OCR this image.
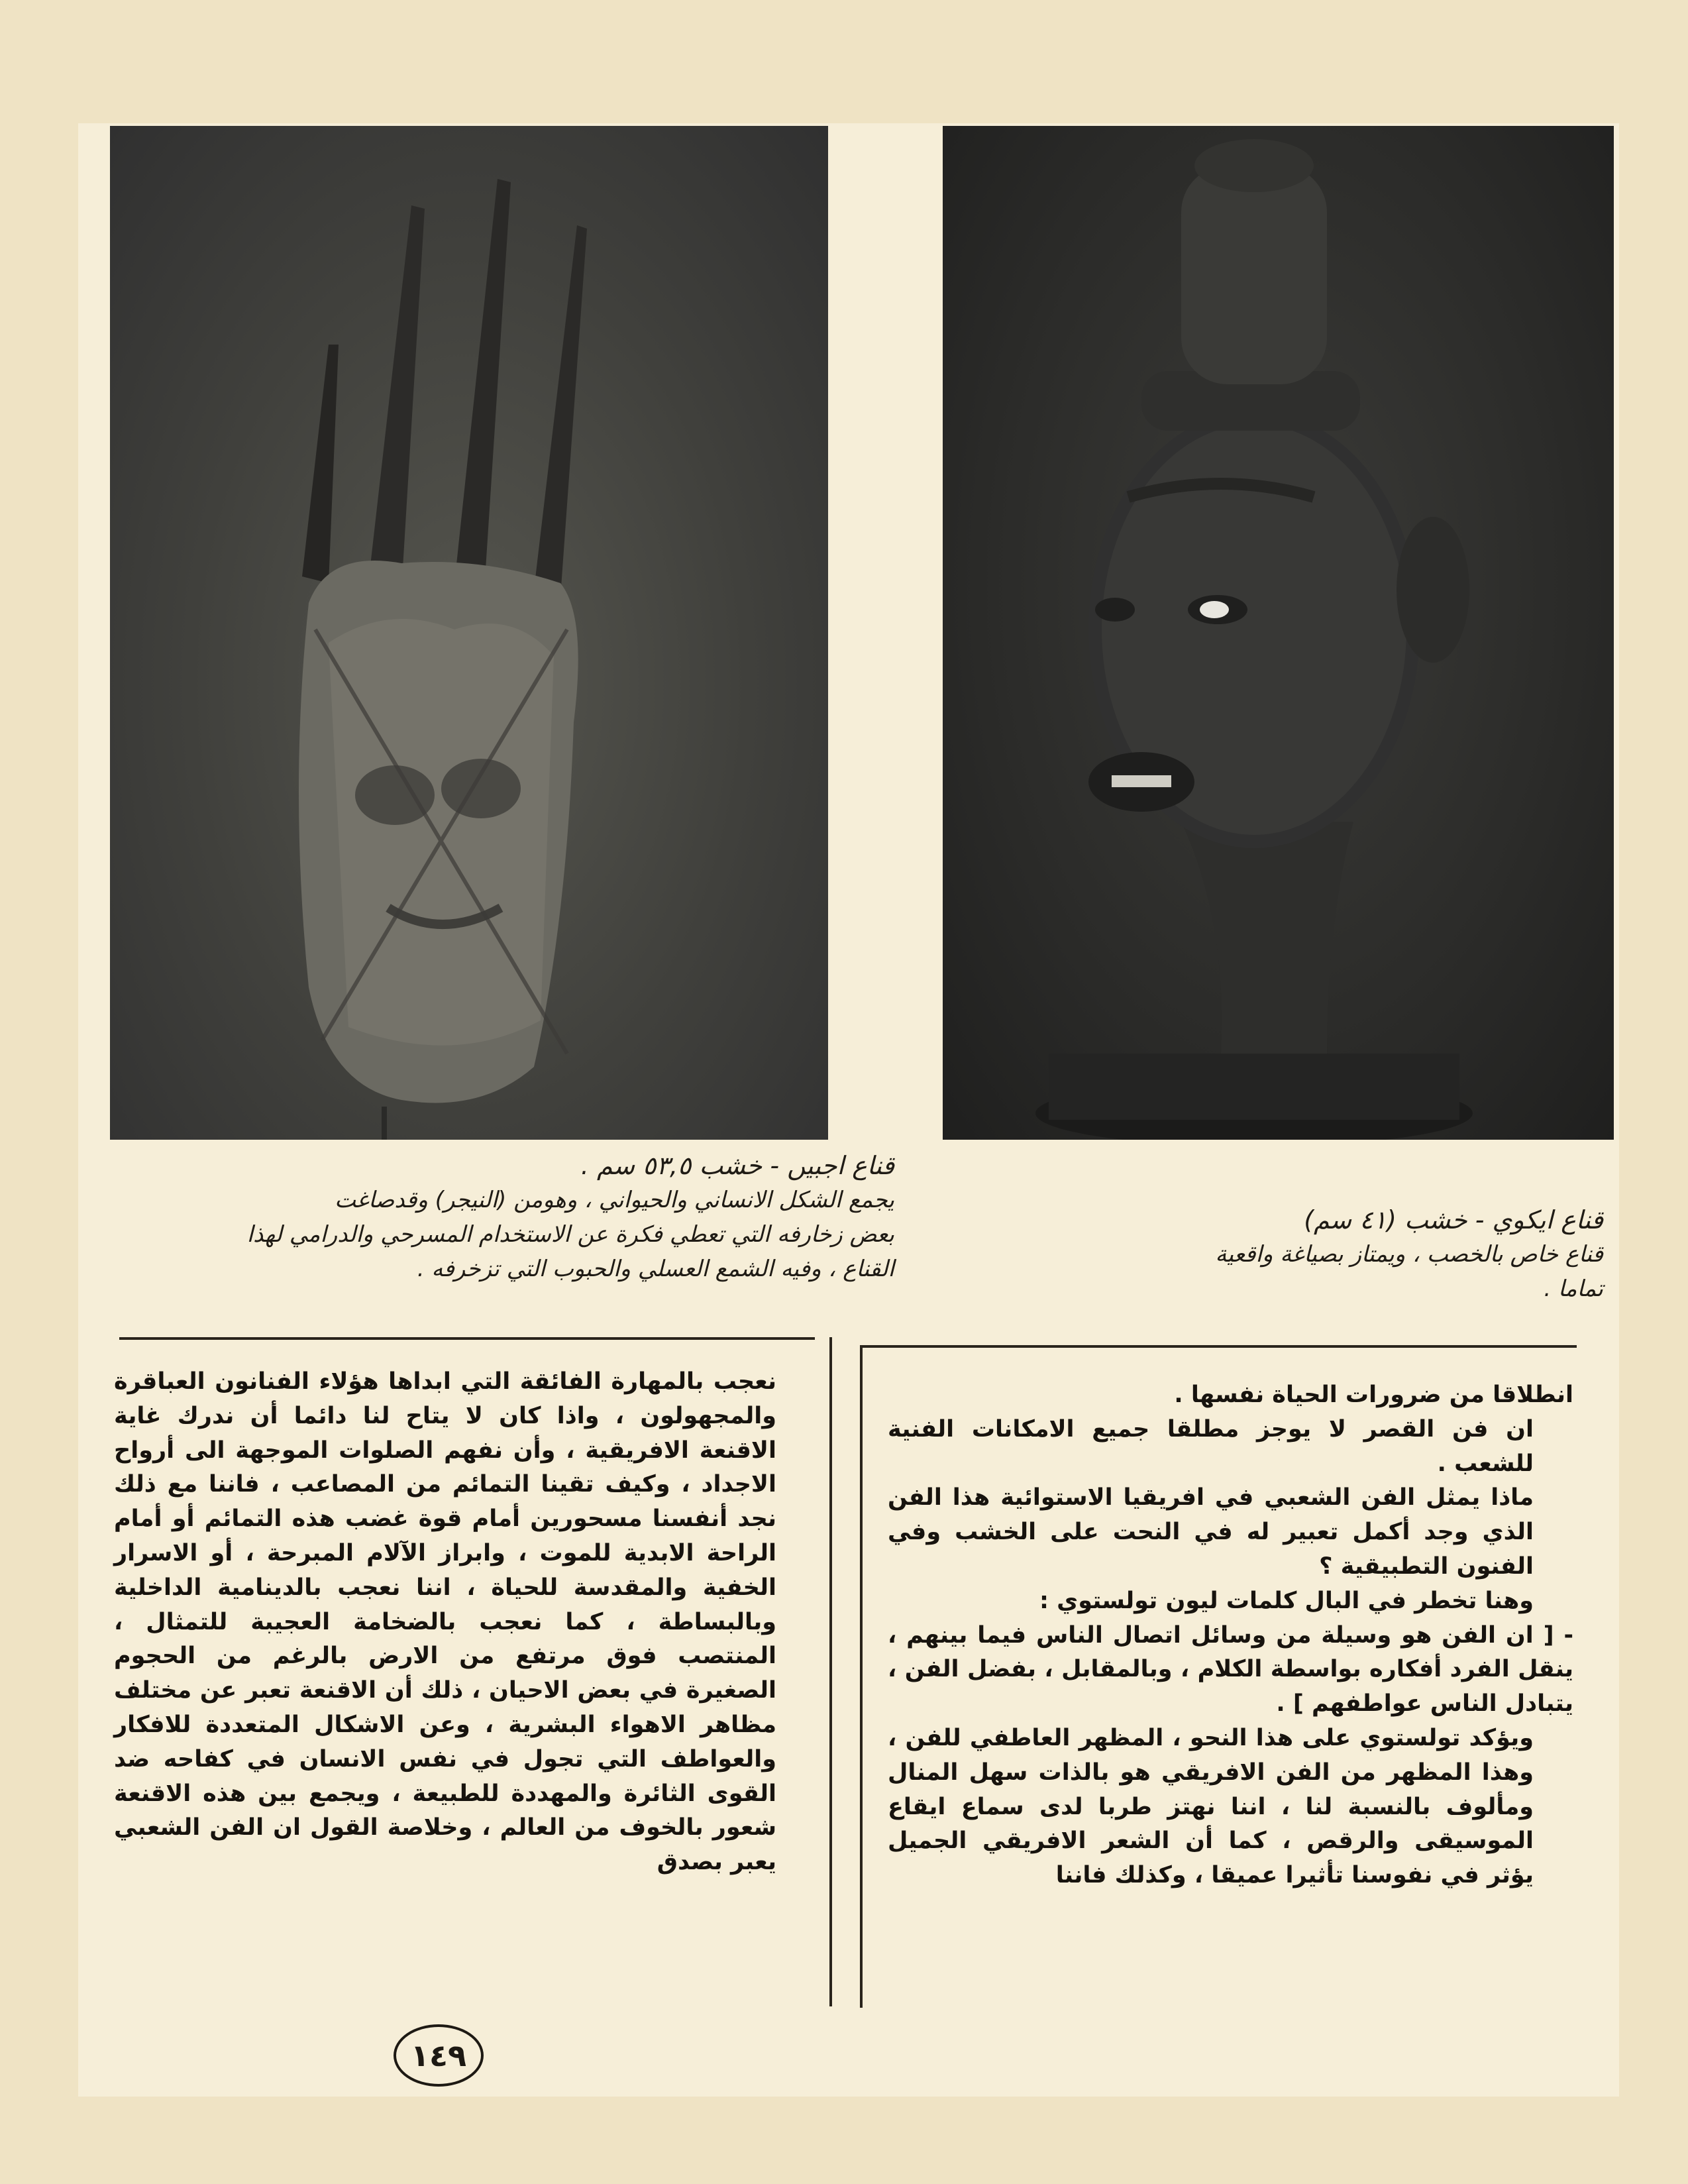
قناع اجبيں - خشب ٥٣,٥ سم .
يجمع الشكل الانساني والحيواني ، وهومن (النيجر) وقدصاغت
بعض زخارفه التي تعطي فكرة عن الاستخدام المسرحي والدرامي لهذا
القناع ، وفيه الشمع العسلي والحبوب التي تزخرفه .
قناع ايكوي - خشب (٤١ سم)
قناع خاص بالخصب ، ويمتاز بصياغة واقعية
تماما .

انطلاقا من ضرورات الحياة نفسها .

ان فن القصر لا يوجز مطلقا جميع الامكانات الفنية للشعب .

ماذا يمثل الفن الشعبي في افريقيا الاستوائية هذا الفن الذي وجد أكمل تعبير له في النحت على الخشب وفي الفنون التطبيقية ؟

وهنا تخطر في البال كلمات ليون تولستوي :

- [ ان الفن هو وسيلة من وسائل اتصال الناس فيما بينهم ، ينقل الفرد أفكاره بواسطة الكلام ، وبالمقابل ، بفضل الفن ، يتبادل الناس عواطفهم ] .

ويؤكد تولستوي على هذا النحو ، المظهر العاطفي للفن ، وهذا المظهر من الفن الافريقي هو بالذات سهل المنال ومألوف بالنسبة لنا ، اننا نهتز طربا لدى سماع ايقاع الموسيقى والرقص ، كما أن الشعر الافريقي الجميل يؤثر في نفوسنا تأثيرا عميقا ، وكذلك فاننا

نعجب بالمهارة الفائقة التي ابداها هؤلاء الفنانون العباقرة والمجهولون ، واذا كان لا يتاح لنا دائما أن ندرك غاية الاقنعة الافريقية ، وأن نفهم الصلوات الموجهة الى أرواح الاجداد ، وكيف تقينا التمائم من المصاعب ، فاننا مع ذلك نجد أنفسنا مسحورين أمام قوة غضب هذه التمائم أو أمام الراحة الابدية للموت ، وابراز الآلام المبرحة ، أو الاسرار الخفية والمقدسة للحياة ، اننا نعجب بالدينامية الداخلية وبالبساطة ، كما نعجب بالضخامة العجيبة للتمثال ، المنتصب فوق مرتفع من الارض بالرغم من الحجوم الصغيرة في بعض الاحيان ، ذلك أن الاقنعة تعبر عن مختلف مظاهر الاهواء البشرية ، وعن الاشكال المتعددة للافكار والعواطف التي تجول في نفس الانسان في كفاحه ضد القوى الثائرة والمهددة للطبيعة ، ويجمع بين هذه الاقنعة شعور بالخوف من العالم ، وخلاصة القول ان الفن الشعبي يعبر بصدق

١٤٩
